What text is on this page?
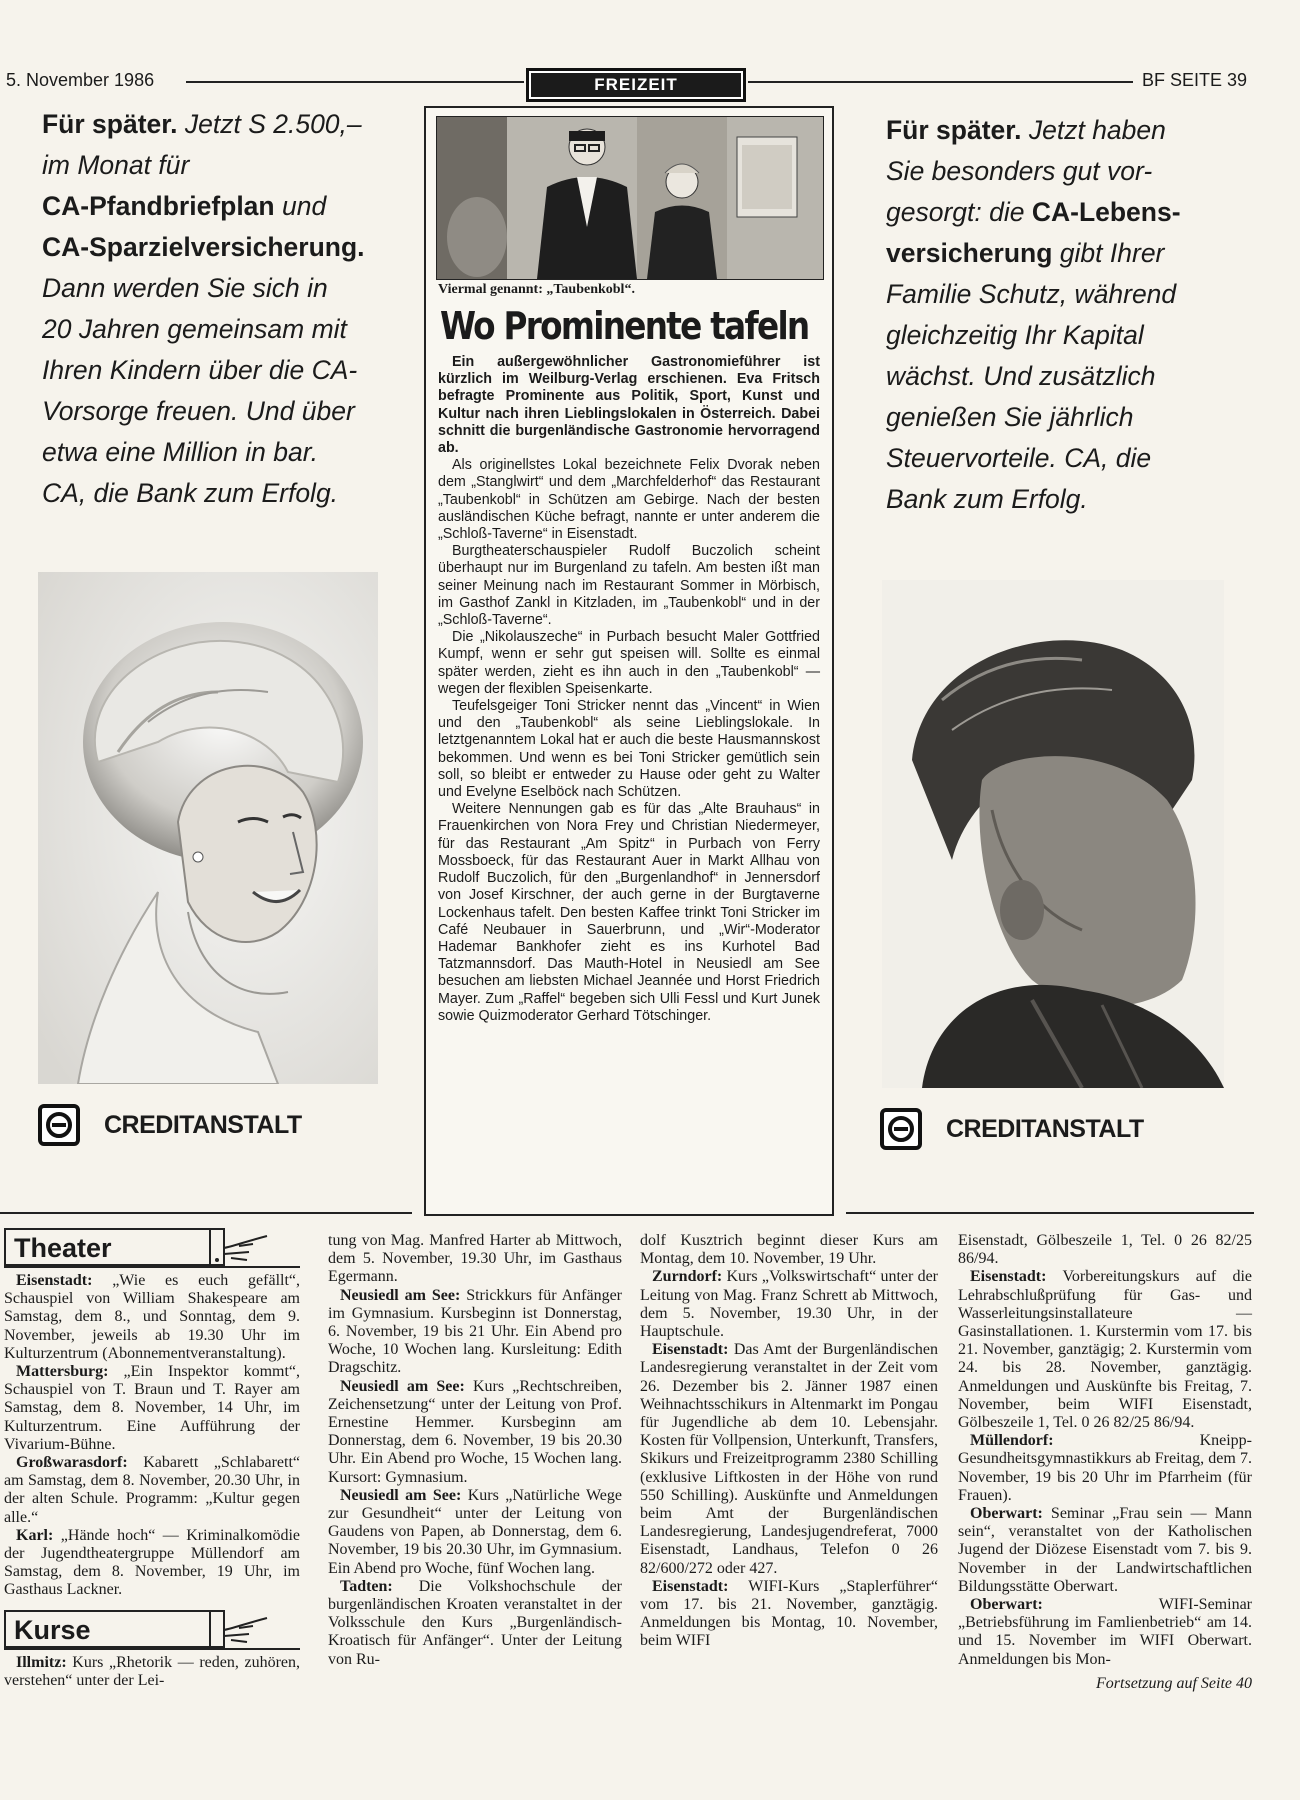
5. November 1986	FREIZEIT	BF SEITE 39
Für später. Jetzt S 2.500,–
im Monat für
CA-Pfandbriefplan und
CA-Sparzielversicherung.
Dann werden Sie sich in
20 Jahren gemeinsam mit
Ihren Kindern über die CA-
Vorsorge freuen. Und über
etwa eine Million in bar.
CA, die Bank zum Erfolg.
CREDITANSTALT
Viermal genannt: „Taubenkobl“.
Wo Prominente tafeln

Ein außergewöhnlicher Gastronomieführer ist kürzlich im Weilburg-Verlag erschienen. Eva Fritsch befragte Prominente aus Politik, Sport, Kunst und Kultur nach ihren Lieblingslokalen in Österreich. Dabei schnitt die burgenländische Gastronomie hervorragend ab.

Als originellstes Lokal bezeichnete Felix Dvorak neben dem „Stanglwirt“ und dem „Marchfelderhof“ das Restaurant „Taubenkobl“ in Schützen am Gebirge. Nach der besten ausländischen Küche befragt, nannte er unter anderem die „Schloß-Taverne“ in Eisenstadt.

Burgtheaterschauspieler Rudolf Buczolich scheint überhaupt nur im Burgenland zu tafeln. Am besten ißt man seiner Meinung nach im Restaurant Sommer in Mörbisch, im Gasthof Zankl in Kitzladen, im „Taubenkobl“ und in der „Schloß-Taverne“.

Die „Nikolauszeche“ in Purbach besucht Maler Gottfried Kumpf, wenn er sehr gut speisen will. Sollte es einmal später werden, zieht es ihn auch in den „Taubenkobl“ — wegen der flexiblen Speisenkarte.

Teufelsgeiger Toni Stricker nennt das „Vincent“ in Wien und den „Taubenkobl“ als seine Lieblingslokale. In letztgenanntem Lokal hat er auch die beste Hausmannskost bekommen. Und wenn es bei Toni Stricker gemütlich sein soll, so bleibt er entweder zu Hause oder geht zu Walter und Evelyne Eselböck nach Schützen.

Weitere Nennungen gab es für das „Alte Brauhaus“ in Frauenkirchen von Nora Frey und Christian Niedermeyer, für das Restaurant „Am Spitz“ in Purbach von Ferry Mossboeck, für das Restaurant Auer in Markt Allhau von Rudolf Buczolich, für den „Burgenlandhof“ in Jennersdorf von Josef Kirschner, der auch gerne in der Burgtaverne Lockenhaus tafelt. Den besten Kaffee trinkt Toni Stricker im Café Neubauer in Sauerbrunn, und „Wir“-Moderator Hademar Bankhofer zieht es ins Kurhotel Bad Tatzmannsdorf. Das Mauth-Hotel in Neusiedl am See besuchen am liebsten Michael Jeannée und Horst Friedrich Mayer. Zum „Raffel“ begeben sich Ulli Fessl und Kurt Junek sowie Quizmoderator Gerhard Tötschinger.

Für später. Jetzt haben
Sie besonders gut vor-
gesorgt: die CA-Lebens-
versicherung gibt Ihrer
Familie Schutz, während
gleichzeitig Ihr Kapital
wächst. Und zusätzlich
genießen Sie jährlich
Steuervorteile. CA, die
Bank zum Erfolg.
CREDITANSTALT
Theater

Eisenstadt: „Wie es euch gefällt“, Schauspiel von William Shakespeare am Samstag, dem 8., und Sonntag, dem 9. November, jeweils ab 19.30 Uhr im Kulturzentrum (Abonnementveranstaltung).

Mattersburg: „Ein Inspektor kommt“, Schauspiel von T. Braun und T. Rayer am Samstag, dem 8. November, 14 Uhr, im Kulturzentrum. Eine Aufführung der Vivarium-Bühne.

Großwarasdorf: Kabarett „Schlabarett“ am Samstag, dem 8. November, 20.30 Uhr, in der alten Schule. Programm: „Kultur gegen alle.“

Karl: „Hände hoch“ — Kriminalkomödie der Jugendtheatergruppe Müllendorf am Samstag, dem 8. November, 19 Uhr, im Gasthaus Lackner.

Kurse

Illmitz: Kurs „Rhetorik — reden, zuhören, verstehen“ unter der Lei-

tung von Mag. Manfred Harter ab Mittwoch, dem 5. November, 19.30 Uhr, im Gasthaus Egermann.

Neusiedl am See: Strickkurs für Anfänger im Gymnasium. Kursbeginn ist Donnerstag, 6. November, 19 bis 21 Uhr. Ein Abend pro Woche, 10 Wochen lang. Kursleitung: Edith Dragschitz.

Neusiedl am See: Kurs „Rechtschreiben, Zeichensetzung“ unter der Leitung von Prof. Ernestine Hemmer. Kursbeginn am Donnerstag, dem 6. November, 19 bis 20.30 Uhr. Ein Abend pro Woche, 15 Wochen lang. Kursort: Gymnasium.

Neusiedl am See: Kurs „Natürliche Wege zur Gesundheit“ unter der Leitung von Gaudens von Papen, ab Donnerstag, dem 6. November, 19 bis 20.30 Uhr, im Gymnasium. Ein Abend pro Woche, fünf Wochen lang.

Tadten: Die Volkshochschule der burgenländischen Kroaten veranstaltet in der Volksschule den Kurs „Burgenländisch-Kroatisch für Anfänger“. Unter der Leitung von Ru-

dolf Kusztrich beginnt dieser Kurs am Montag, dem 10. November, 19 Uhr.

Zurndorf: Kurs „Volkswirtschaft“ unter der Leitung von Mag. Franz Schrett ab Mittwoch, dem 5. November, 19.30 Uhr, in der Hauptschule.

Eisenstadt: Das Amt der Burgenländischen Landesregierung veranstaltet in der Zeit vom 26. Dezember bis 2. Jänner 1987 einen Weihnachtsschikurs in Altenmarkt im Pongau für Jugendliche ab dem 10. Lebensjahr. Kosten für Vollpension, Unterkunft, Transfers, Skikurs und Freizeitprogramm 2380 Schilling (exklusive Liftkosten in der Höhe von rund 550 Schilling). Auskünfte und Anmeldungen beim Amt der Burgenländischen Landesregierung, Landesjugendreferat, 7000 Eisenstadt, Landhaus, Telefon 0 26 82/600/272 oder 427.

Eisenstadt: WIFI-Kurs „Staplerführer“ vom 17. bis 21. November, ganztägig. Anmeldungen bis Montag, 10. November, beim WIFI

Eisenstadt, Gölbeszeile 1, Tel. 0 26 82/25 86/94.

Eisenstadt: Vorbereitungskurs auf die Lehrabschlußprüfung für Gas- und Wasserleitungsinstallateure — Gasinstallationen. 1. Kurstermin vom 17. bis 21. November, ganztägig; 2. Kurstermin vom 24. bis 28. November, ganztägig. Anmeldungen und Auskünfte bis Freitag, 7. November, beim WIFI Eisenstadt, Gölbeszeile 1, Tel. 0 26 82/25 86/94.

Müllendorf: Kneipp-Gesundheitsgymnastikkurs ab Freitag, dem 7. November, 19 bis 20 Uhr im Pfarrheim (für Frauen).

Oberwart: Seminar „Frau sein — Mann sein“, veranstaltet von der Katholischen Jugend der Diözese Eisenstadt vom 7. bis 9. November in der Landwirtschaftlichen Bildungsstätte Oberwart.

Oberwart: WIFI-Seminar „Betriebsführung im Famlienbetrieb“ am 14. und 15. November im WIFI Oberwart. Anmeldungen bis Mon-

Fortsetzung auf Seite 40
